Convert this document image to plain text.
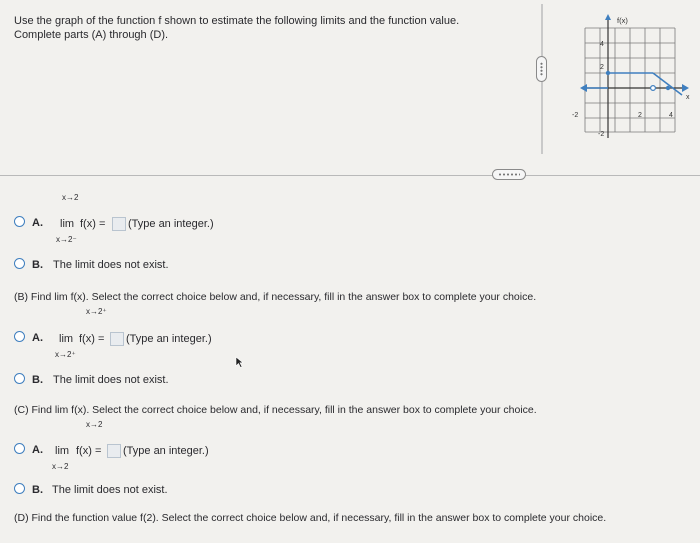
Use the graph of the function f shown to estimate the following limits and the function value.
Complete parts (A) through (D).
f(x)
x
4
2
-2
-2	2	4
x→2
A. lim f(x) = (Type an integer.)
x→2⁻
B. The limit does not exist.
(B) Find lim f(x). Select the correct choice below and, if necessary, fill in the answer box to complete your choice.
x→2⁺
A. lim f(x) = (Type an integer.)
x→2⁺
B. The limit does not exist.
(C) Find lim f(x). Select the correct choice below and, if necessary, fill in the answer box to complete your choice.
x→2
A. lim f(x) = (Type an integer.)
x→2
B. The limit does not exist.
(D) Find the function value f(2). Select the correct choice below and, if necessary, fill in the answer box to complete your choice.
